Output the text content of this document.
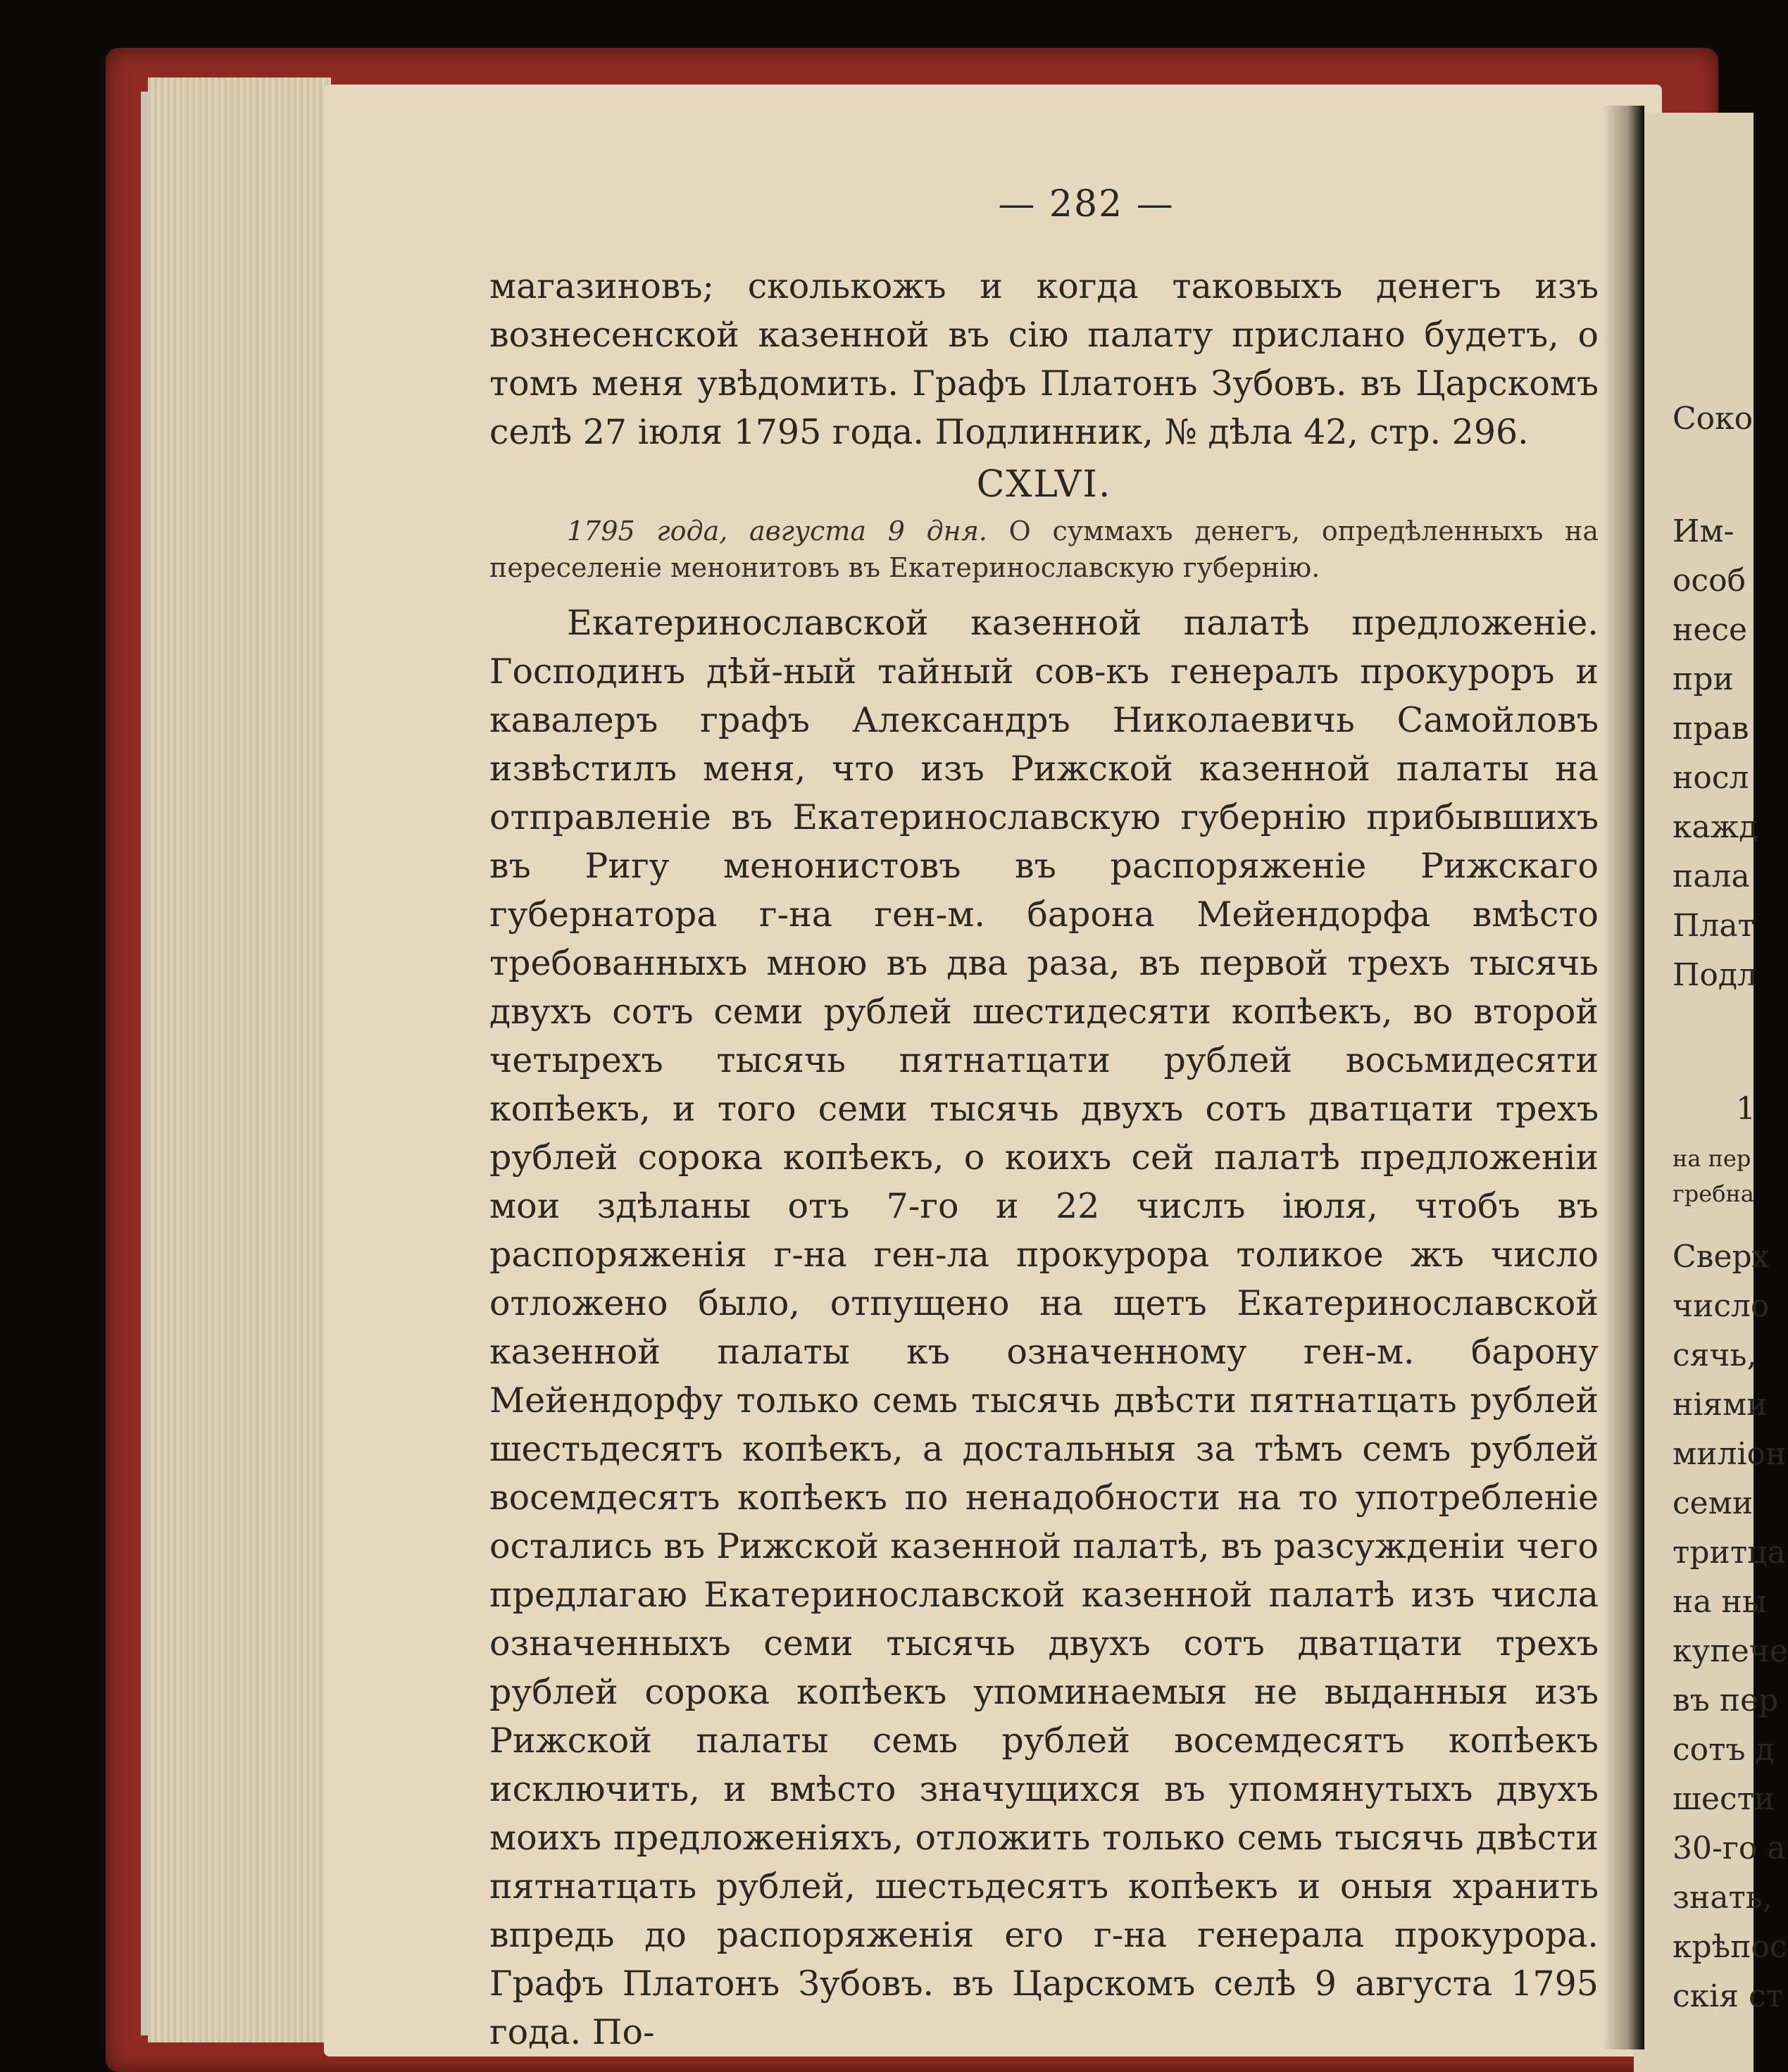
— 282 —

магазиновъ; сколькожъ и когда таковыхъ денегъ изъ вознесенской казенной въ сію палату прислано будетъ, о томъ меня увѣдомить. Графъ Платонъ Зубовъ. въ Царскомъ селѣ 27 іюля 1795 года. Подлинник, № дѣла 42, стр. 296.

CXLVI.

1795 года, августа 9 дня. О суммахъ денегъ, опредѣленныхъ на переселеніе менонитовъ въ Екатеринославскую губернію.

Екатеринославской казенной палатѣ предложеніе. Господинъ дѣй-ный тайный сов-къ генералъ прокуроръ и кавалеръ графъ Александръ Николаевичь Самойловъ извѣстилъ меня, что изъ Рижской казенной палаты на отправленіе въ Екатеринославскую губернію прибывшихъ въ Ригу менонистовъ въ распоряженіе Рижскаго губернатора г-на ген-м. барона Мейендорфа вмѣсто требованныхъ мною въ два раза, въ первой трехъ тысячь двухъ сотъ семи рублей шестидесяти копѣекъ, во второй четырехъ тысячь пятнатцати рублей восьмидесяти копѣекъ, и того семи тысячь двухъ сотъ дватцати трехъ рублей сорока копѣекъ, о коихъ сей палатѣ предложеніи мои здѣланы отъ 7-го и 22 числъ іюля, чтобъ въ распоряженія г-на ген-ла прокурора толикое жъ число отложено было, отпущено на щетъ Екатеринославской казенной палаты къ означенному ген-м. барону Мейендорфу только семь тысячь двѣсти пятнатцать рублей шестьдесятъ копѣекъ, а достальныя за тѣмъ семъ рублей восемдесятъ копѣекъ по ненадобности на то употребленіе остались въ Рижской казенной палатѣ, въ разсужденіи чего предлагаю Екатеринославской казенной палатѣ изъ числа означенныхъ семи тысячь двухъ сотъ дватцати трехъ рублей сорока копѣекъ упоминаемыя не выданныя изъ Рижской палаты семь рублей восемдесятъ копѣекъ исключить, и вмѣсто значущихся въ упомянутыхъ двухъ моихъ предложеніяхъ, отложить только семь тысячь двѣсти пятнатцать рублей, шестьдесятъ копѣекъ и оныя хранить впредь до распоряженія его г-на генерала прокурора. Графъ Платонъ Зубовъ. въ Царскомъ селѣ 9 августа 1795 года. По-

Соко
Им-
особ
несе
при
прав
носл
кажд
пала
Плат
Подл
1
на пер
гребна
Сверх
число
сячь,
ніями
миліон
семи
тритца
на ны
купече
въ пер
сотъ д
шести
30-го а
знать,
крѣпос
скія ст
